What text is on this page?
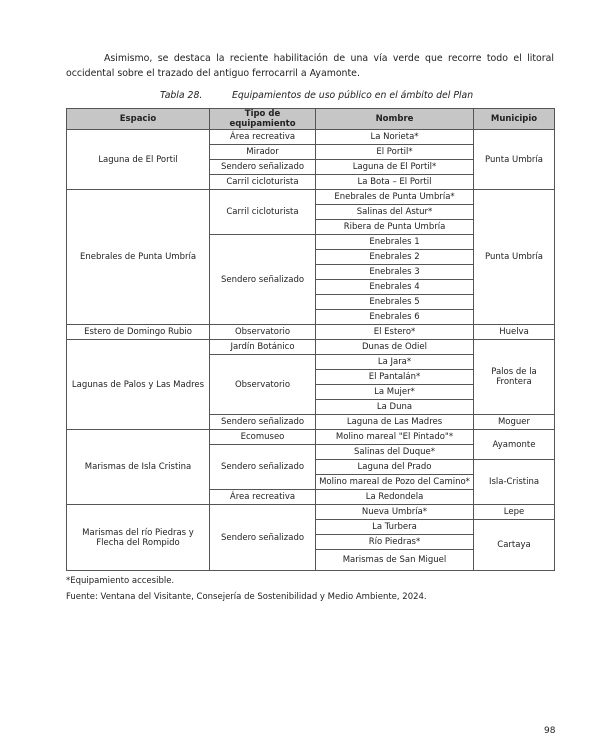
Asimismo, se destaca la reciente habilitación de una vía verde que recorre todo el litoral occidental sobre el trazado del antiguo ferrocarril a Ayamonte.

Tabla 28.	Equipamientos de uso público en el ámbito del Plan
Espacio	Tipo de equipamiento	Nombre	Municipio
Laguna de El Portil	Área recreativa	La Norieta*	Punta Umbría
	Mirador	El Portil*	
	Sendero señalizado	Laguna de El Portil*	
	Carril cicloturista	La Bota – El Portil	
Enebrales de Punta Umbría	Carril cicloturista	Enebrales de Punta Umbría*	Punta Umbría
		Salinas del Astur*	
		Ribera de Punta Umbría	
	Sendero señalizado	Enebrales 1	
		Enebrales 2	
		Enebrales 3	
		Enebrales 4	
		Enebrales 5	
		Enebrales 6	
Estero de Domingo Rubio	Observatorio	El Estero*	Huelva
Lagunas de Palos y Las Madres	Jardín Botánico	Dunas de Odiel	Palos de la Frontera
	Observatorio	La Jara*	
		El Pantalán*	
		La Mujer*	
		La Duna	
	Sendero señalizado	Laguna de Las Madres	Moguer
Marismas de Isla Cristina	Ecomuseo	Molino mareal "El Pintado"*	Ayamonte
	Sendero señalizado	Salinas del Duque*	
		Laguna del Prado	Isla-Cristina
		Molino mareal de Pozo del Camino*	
	Área recreativa	La Redondela	
Marismas del río Piedras y Flecha del Rompido	Sendero señalizado	Nueva Umbría*	Lepe
		La Turbera	Cartaya
		Río Piedras*	
		Marismas de San Miguel	
*Equipamiento accesible.
Fuente: Ventana del Visitante, Consejería de Sostenibilidad y Medio Ambiente, 2024.
98
